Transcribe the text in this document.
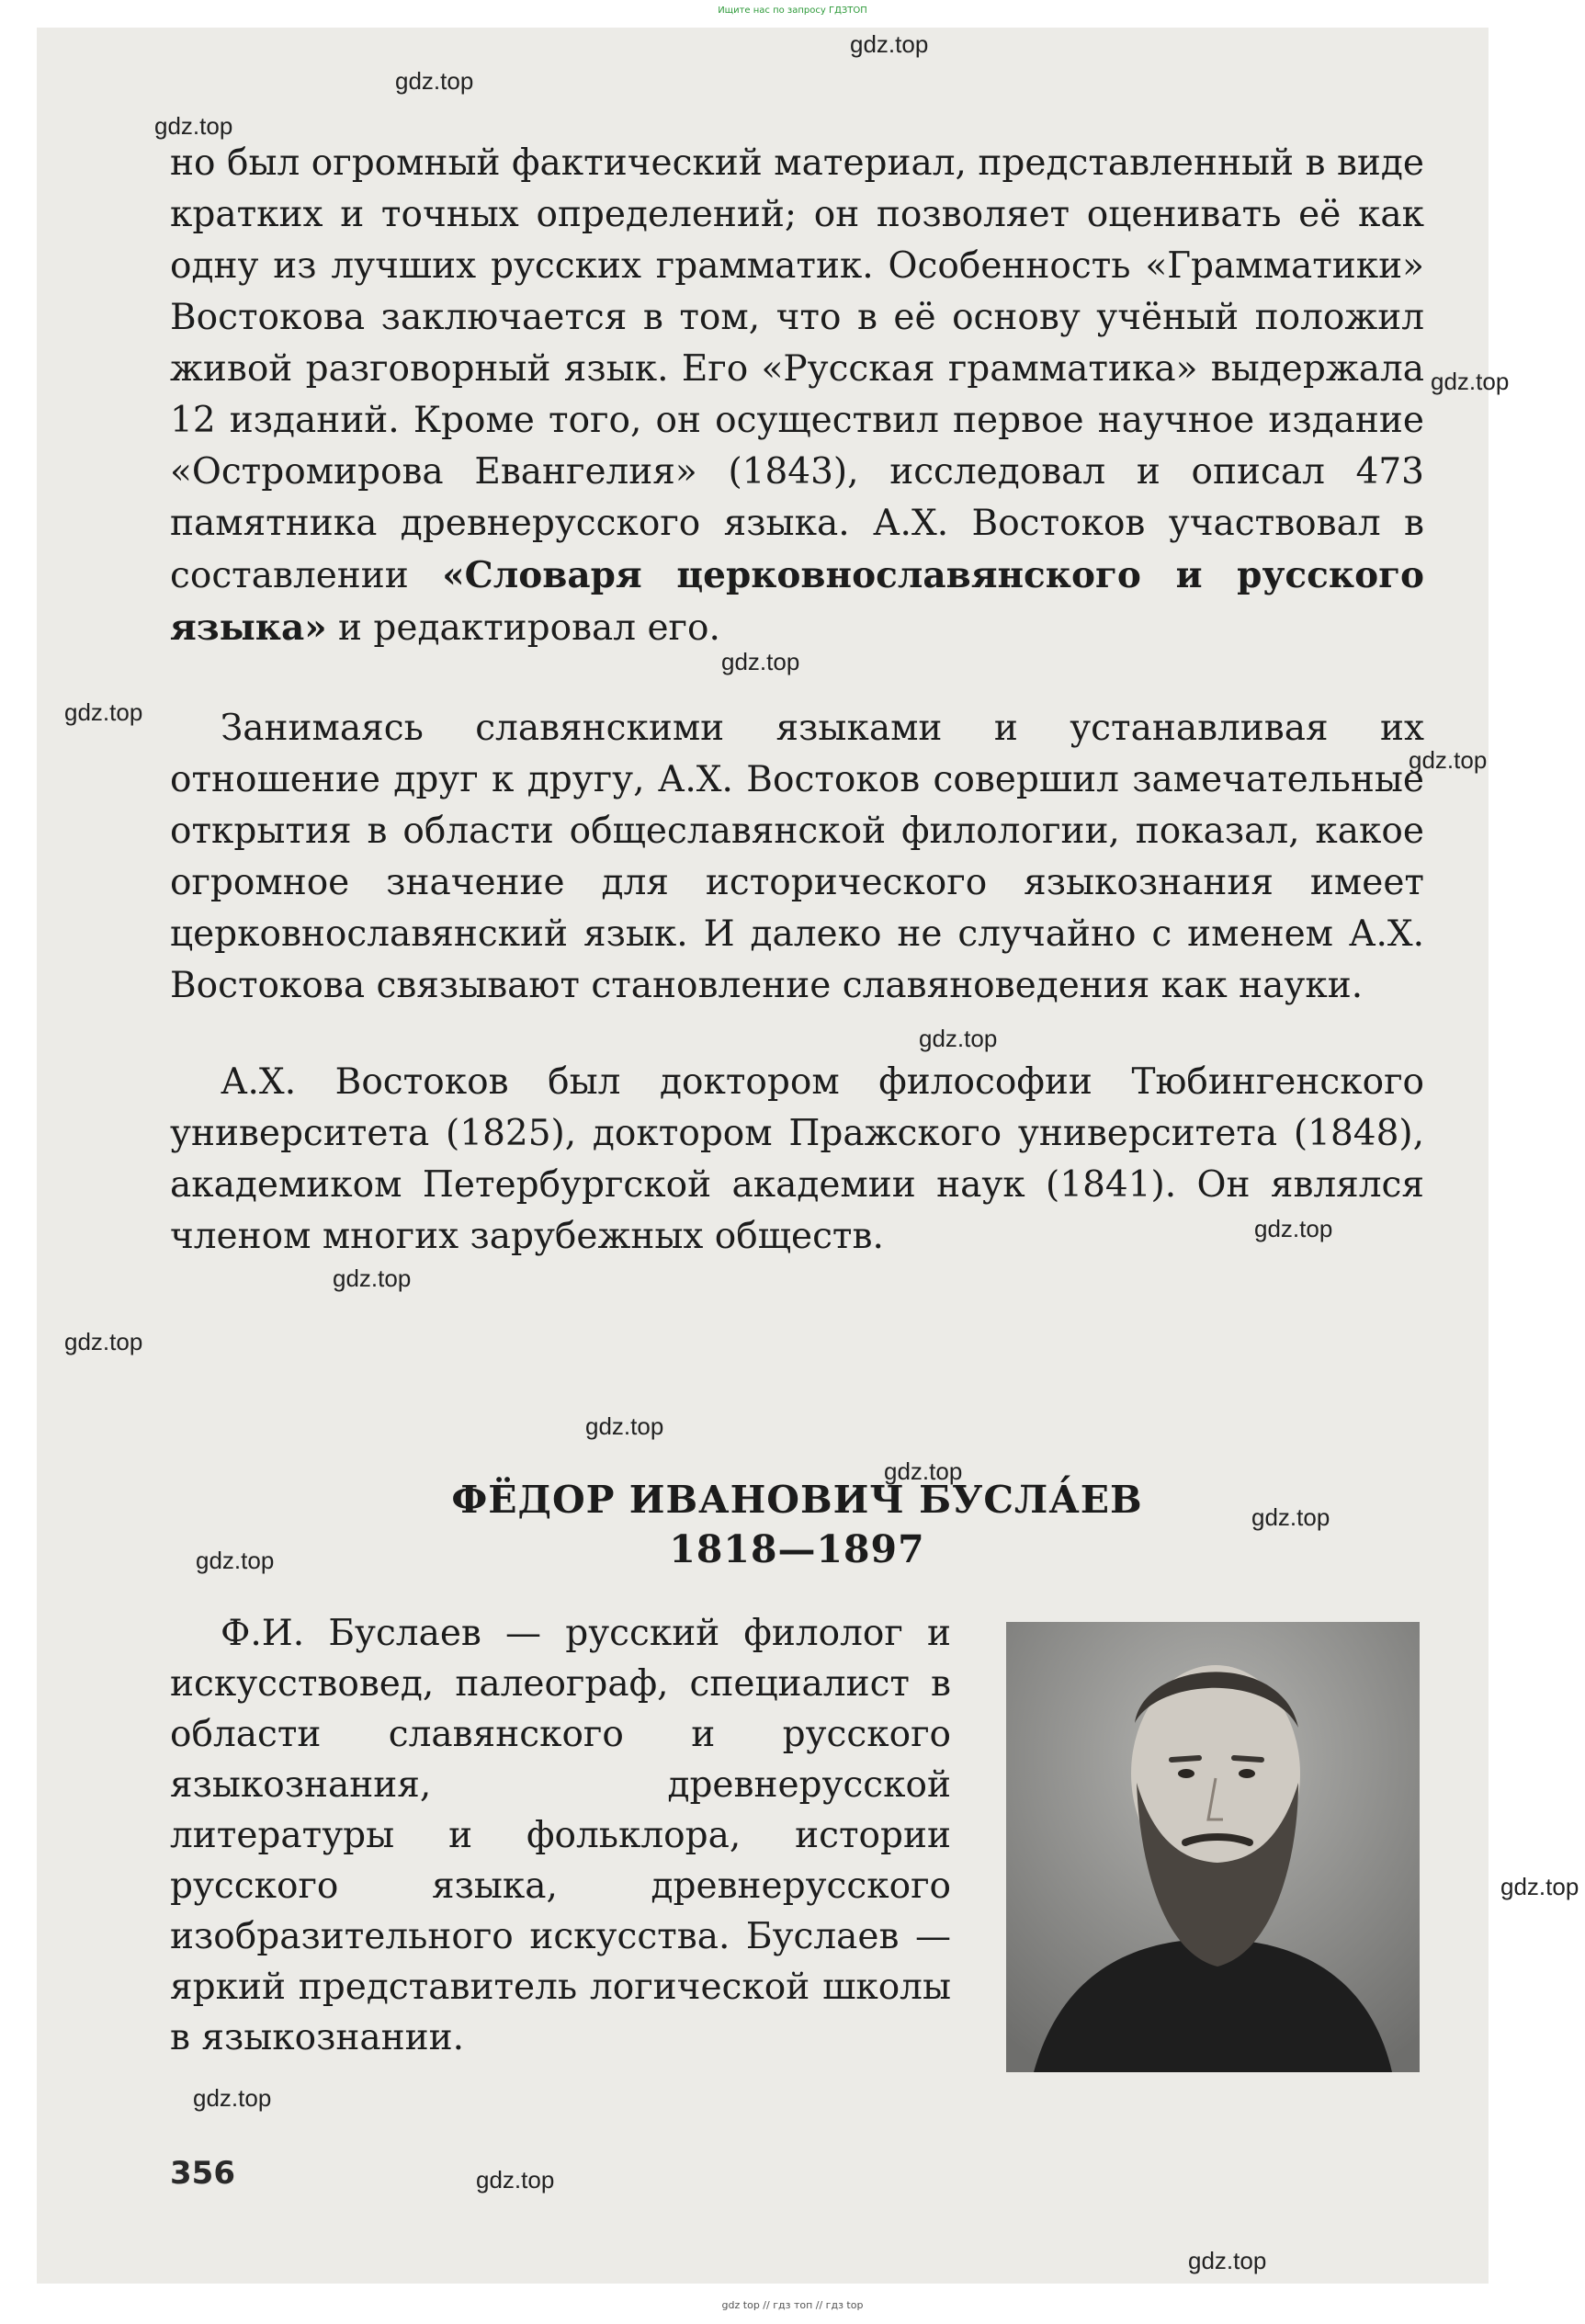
Ищите нас по запросу ГДЗТОП

но был огромный фактический материал, представленный в виде кратких и точных определений; он позволяет оценивать её как одну из лучших русских грамматик. Особенность «Грамматики» Востокова заключается в том, что в её основу учёный положил живой разговорный язык. Его «Русская грамматика» выдержала 12 изданий. Кроме того, он осуществил первое научное издание «Остромирова Евангелия» (1843), исследовал и описал 473 памятника древнерусского языка. А.Х. Востоков участвовал в составлении «Словаря церковнославянского и русского языка» и редактировал его.

Занимаясь славянскими языками и устанавливая их отношение друг к другу, А.Х. Востоков совершил замечательные открытия в области общеславянской филологии, показал, какое огромное значение для исторического языкознания имеет церковнославянский язык. И далеко не случайно с именем А.Х. Востокова связывают становление славяноведения как науки.

А.Х. Востоков был доктором философии Тюбингенского университета (1825), доктором Пражского университета (1848), академиком Петербургской академии наук (1841). Он являлся членом многих зарубежных обществ.

ФЁДОР ИВАНОВИЧ БУСЛА́ЕВ
1818—1897

Ф.И. Буслаев — русский филолог и искусствовед, палеограф, специалист в области славянского и русского языкознания, древнерусской литературы и фольклора, истории русского языка, древнерусского изобразительного искусства. Буслаев — яркий представитель логической школы в языкознании.

356
gdz.top
gdz.top
gdz.top
gdz.top
gdz.top
gdz.top
gdz.top
gdz.top
gdz.top
gdz.top
gdz.top
gdz.top
gdz.top
gdz.top
gdz.top
gdz.top
gdz.top
gdz.top
gdz.top
gdz top // гдз топ // гдз top
